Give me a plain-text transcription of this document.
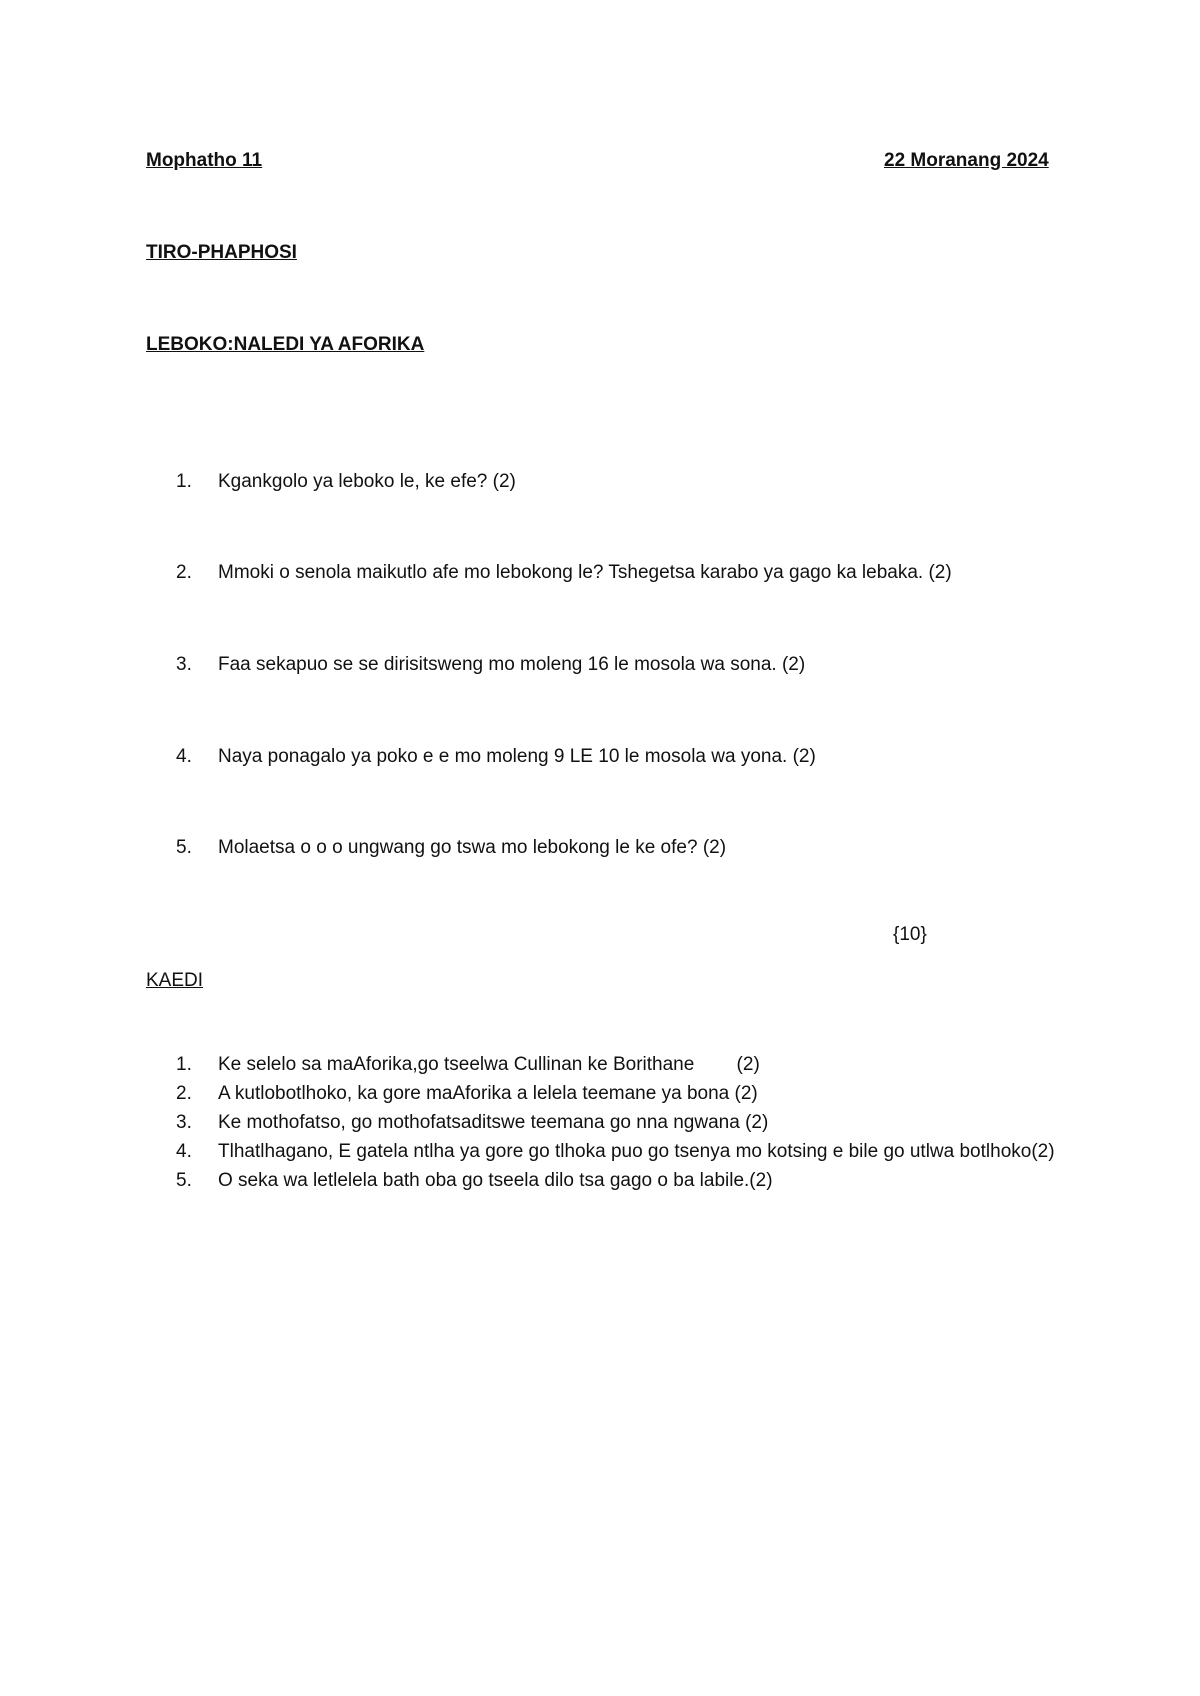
Mophatho 11	22 Moranang 2024
TIRO-PHAPHOSI
LEBOKO:NALEDI YA AFORIKA
1. Kgankgolo ya leboko le, ke efe? (2)
2. Mmoki o senola maikutlo afe mo lebokong le? Tshegetsa karabo ya gago ka lebaka. (2)
3. Faa sekapuo se se dirisitsweng mo moleng 16 le mosola wa sona. (2)
4. Naya ponagalo ya poko e e mo moleng 9 LE 10 le mosola wa yona. (2)
5. Molaetsa o o o ungwang go tswa mo lebokong le ke ofe? (2)
{10}
KAEDI
1.	Ke selelo sa maAforika,go tseelwa Cullinan ke Borithane        (2)
2.	A kutlobotlhoko, ka gore maAforika a lelela teemane ya bona (2)
3.	Ke mothofatso, go mothofatsaditswe teemana go nna ngwana (2)
4.	Tlhatlhagano, E gatela ntlha ya gore go tlhoka puo go tsenya mo kotsing e bile go utlwa botlhoko(2)
5.	O seka wa letlelela bath oba go tseela dilo tsa gago o ba labile.(2)
